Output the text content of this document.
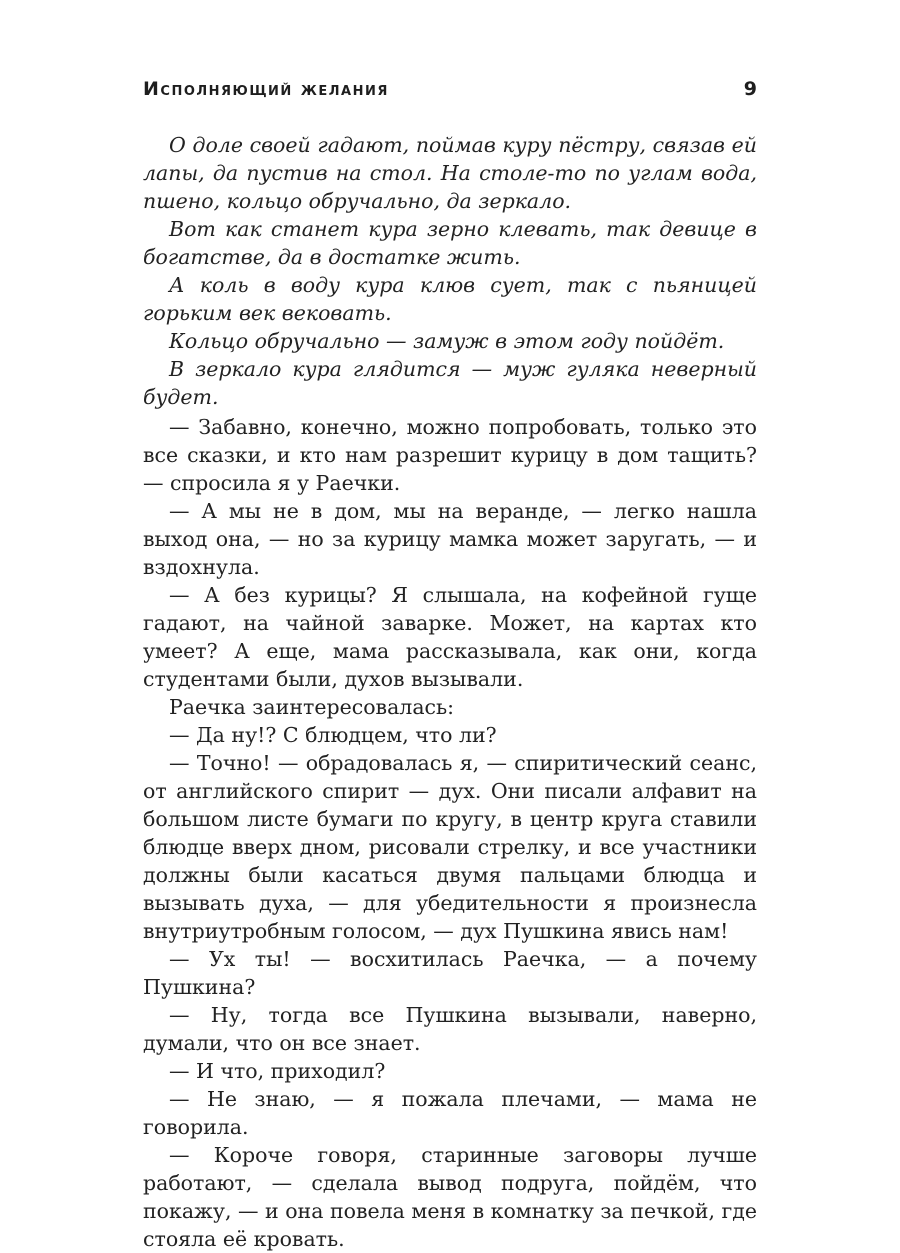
Исполняющий желания	9

О доле своей гадают, поймав куру пёстру, связав ей лапы, да пустив на стол. На столе-то по углам вода, пшено, кольцо обручально, да зеркало.

Вот как станет кура зерно клевать, так девице в богатстве, да в достатке жить.

А коль в воду кура клюв сует, так с пьяницей горьким век вековать.

Кольцо обручально — замуж в этом году пойдёт.

В зеркало кура глядится — муж гуляка неверный будет.

— Забавно, конечно, можно попробовать, только это все сказки, и кто нам разрешит курицу в дом тащить? — спросила я у Раечки.

— А мы не в дом, мы на веранде, — легко нашла выход она, — но за курицу мамка может заругать, — и вздохнула.

— А без курицы? Я слышала, на кофейной гуще гадают, на чайной заварке. Может, на картах кто умеет? А еще, мама рассказывала, как они, когда студентами были, духов вызывали.

Раечка заинтересовалась:

— Да ну!? С блюдцем, что ли?

— Точно! — обрадовалась я, — спиритический сеанс, от английского спирит — дух. Они писали алфавит на большом листе бумаги по кругу, в центр круга ставили блюдце вверх дном, рисовали стрелку, и все участники должны были касаться двумя пальцами блюдца и вызывать духа, — для убедительности я произнесла внутриутробным голосом, — дух Пушкина явись нам!

— Ух ты! — восхитилась Раечка, — а почему Пушкина?

— Ну, тогда все Пушкина вызывали, наверно, думали, что он все знает.

— И что, приходил?

— Не знаю, — я пожала плечами, — мама не говорила.

— Короче говоря, старинные заговоры лучше работают, — сделала вывод подруга, пойдём, что покажу, — и она повела меня в комнатку за печкой, где стояла её кровать.
